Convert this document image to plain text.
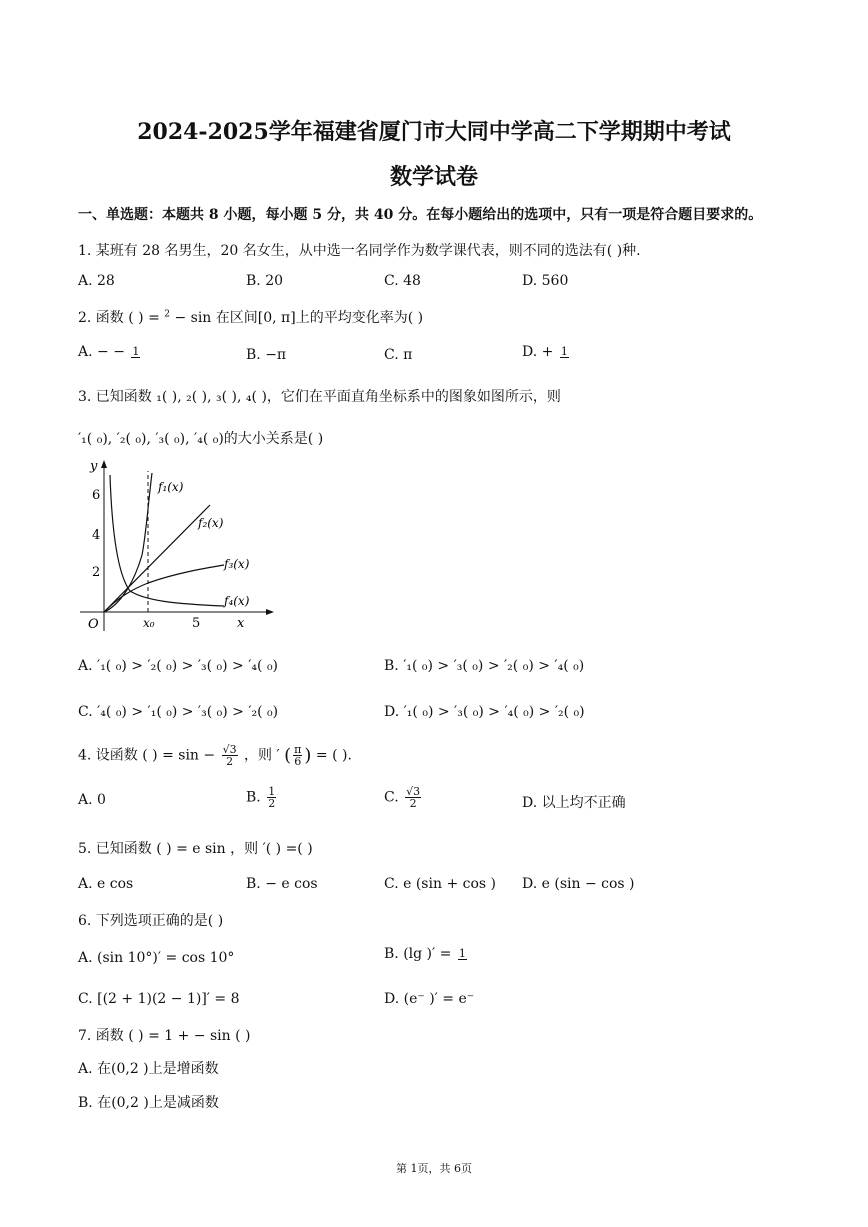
2024-2025学年福建省厦门市大同中学高二下学期期中考试
数学试卷
一、单选题：本题共 8 小题，每小题 5 分，共 40 分。在每小题给出的选项中，只有一项是符合题目要求的。
1. 某班有 28 名男生，20 名女生，从中选一名同学作为数学课代表，则不同的选法有( )种.
A. 28	B. 20	C. 48	D. 560
2. 函数 ( ) = $^2$ − sin 在区间[0, π]上的平均变化率为( )
A. − − 1	B. −π	C. π	D. + 1
3. 已知函数 ₁( ), ₂( ), ₃( ), ₄( )，它们在平面直角坐标系中的图象如图所示，则
′₁( ₀), ′₂( ₀), ′₃( ₀), ′₄( ₀)的大小关系是( )
y
x
O
6
4
2
x₀	5
f₁(x)
f₂(x)
f₃(x)
f₄(x)
A. ′₁( ₀) > ′₂( ₀) > ′₃( ₀) > ′₄( ₀)	B. ′₁( ₀) > ′₃( ₀) > ′₂( ₀) > ′₄( ₀)
C. ′₄( ₀) > ′₁( ₀) > ′₃( ₀) > ′₂( ₀)	D. ′₁( ₀) > ′₃( ₀) > ′₄( ₀) > ′₂( ₀)
4. 设函数 ( ) = $\sin - \frac{√3}{2}$ ，则 ′ ( $\frac{\pi}{6}$ ) = ( ).
A. 0	B. $\frac{1}{2}$	C. $\frac{√3}{2}$	D. 以上均不正确
5. 已知函数 ( ) = e sin ，则 ′( ) =( )
A. e cos	B. − e cos	C. e (sin + cos ) D. e (sin − cos )
6. 下列选项正确的是( )
A. (sin 10°)′ = cos 10°	B. (lg )′ = 1
C. [(2 + 1)(2 − 1)]′ = 8	D. (e⁻ )′ = e⁻
7. 函数 ( ) = 1 + − sin ( )
A. 在(0,2 )上是增函数
B. 在(0,2 )上是减函数
第 1页，共 6页
